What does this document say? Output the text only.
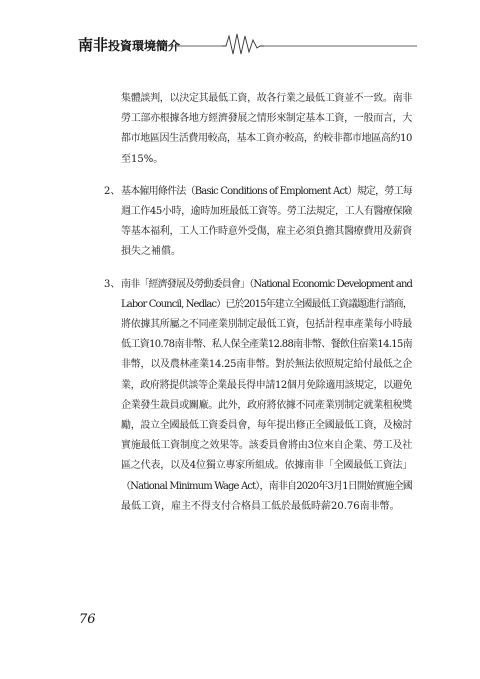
南非 投資環境簡介
集體談判，以決定其最低工資，故各行業之最低工資並不一致。南非
勞工部亦根據各地方經濟發展之情形來制定基本工資，一般而言，大
都市地區因生活費用較高，基本工資亦較高，約較非都市地區高約10
至15%。
2、 基本僱用條件法（Basic Conditions of Emploment Act）規定，勞工每
週工作45小時，逾時加班最低工資等。勞工法規定，工人有醫療保險
等基本福利，工人工作時意外受傷，雇主必須負擔其醫療費用及薪資
損失之補償。
3、 南非「經濟發展及勞動委員會」（National Economic Development and
Labor Council, Nedlac）已於2015年建立全國最低工資議題進行諮商，
將依據其所屬之不同產業別制定最低工資，包括計程車產業每小時最
低工資10.78南非幣、私人保全產業12.88南非幣、餐飲住宿業14.15南
非幣，以及農林產業14.25南非幣。對於無法依照規定給付最低之企
業，政府將提供談等企業最長得申請12個月免除適用該規定，以避免
企業發生裁員或關廠。此外，政府將依據不同產業別制定就業租稅獎
勵，設立全國最低工資委員會，每年提出修正全國最低工資，及檢討
實施最低工資制度之效果等。該委員會將由3位來自企業、勞工及社
區之代表，以及4位獨立專家所組成。依據南非「全國最低工資法」
（National Minimum Wage Act），南非自2020年3月1日開始實施全國
最低工資，雇主不得支付合格員工低於最低時薪20.76南非幣。
76
